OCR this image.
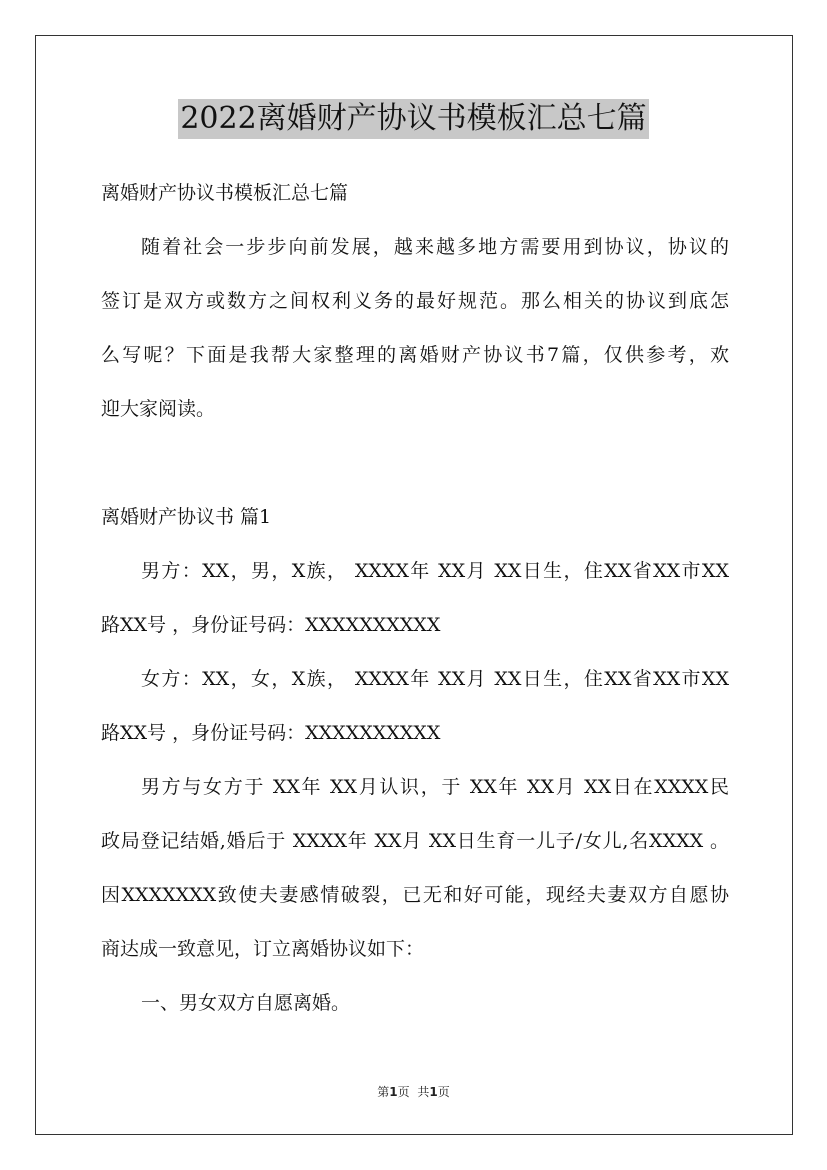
2022离婚财产协议书模板汇总七篇
离婚财产协议书模板汇总七篇
随着社会一步步向前发展，越来越多地方需要用到协议，协议的
签订是双方或数方之间权利义务的最好规范。那么相关的协议到底怎
么写呢？下面是我帮大家整理的离婚财产协议书7篇，仅供参考，欢
迎大家阅读。
离婚财产协议书 篇1
男方：XX，男，X族， XXXX年 XX月 XX日生，住XX省XX市XX
路XX号 ，身份证号码：XXXXXXXXXX
女方：XX，女，X族， XXXX年 XX月 XX日生，住XX省XX市XX
路XX号 ，身份证号码：XXXXXXXXXX
男方与女方于 XX年 XX月认识，于 XX年 XX月 XX日在XXXX民
政局登记结婚,婚后于 XXXX年 XX月 XX日生育一儿子/女儿,名XXXX 。
因XXXXXXX致使夫妻感情破裂，已无和好可能，现经夫妻双方自愿协
商达成一致意见，订立离婚协议如下：
一、男女双方自愿离婚。
第1页 共1页
